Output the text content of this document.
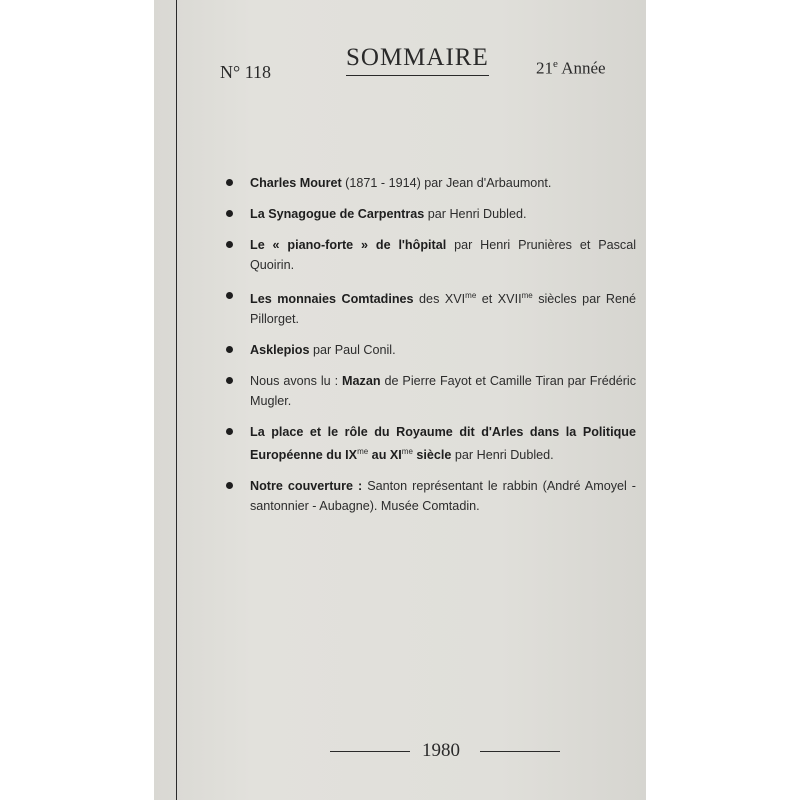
N° 118
SOMMAIRE	21e Année
Charles Mouret (1871 - 1914) par Jean d'Arbaumont.
La Synagogue de Carpentras par Henri Dubled.
Le « piano-forte » de l'hôpital par Henri Prunières et Pascal Quoirin.
Les monnaies Comtadines des $XVI^{me}$ et $XVII^{me}$ siècles par René Pillorget.
Asklepios par Paul Conil.
Nous avons lu : Mazan de Pierre Fayot et Camille Tiran par Frédéric Mugler.
La place et le rôle du Royaume dit d'Arles dans la Politique Européenne du $IX^{me}$ au $XI^{me}$ siècle par Henri Dubled.
Notre couverture : Santon représentant le rabbin (André Amoyel - santonnier - Aubagne). Musée Comtadin.
1980
